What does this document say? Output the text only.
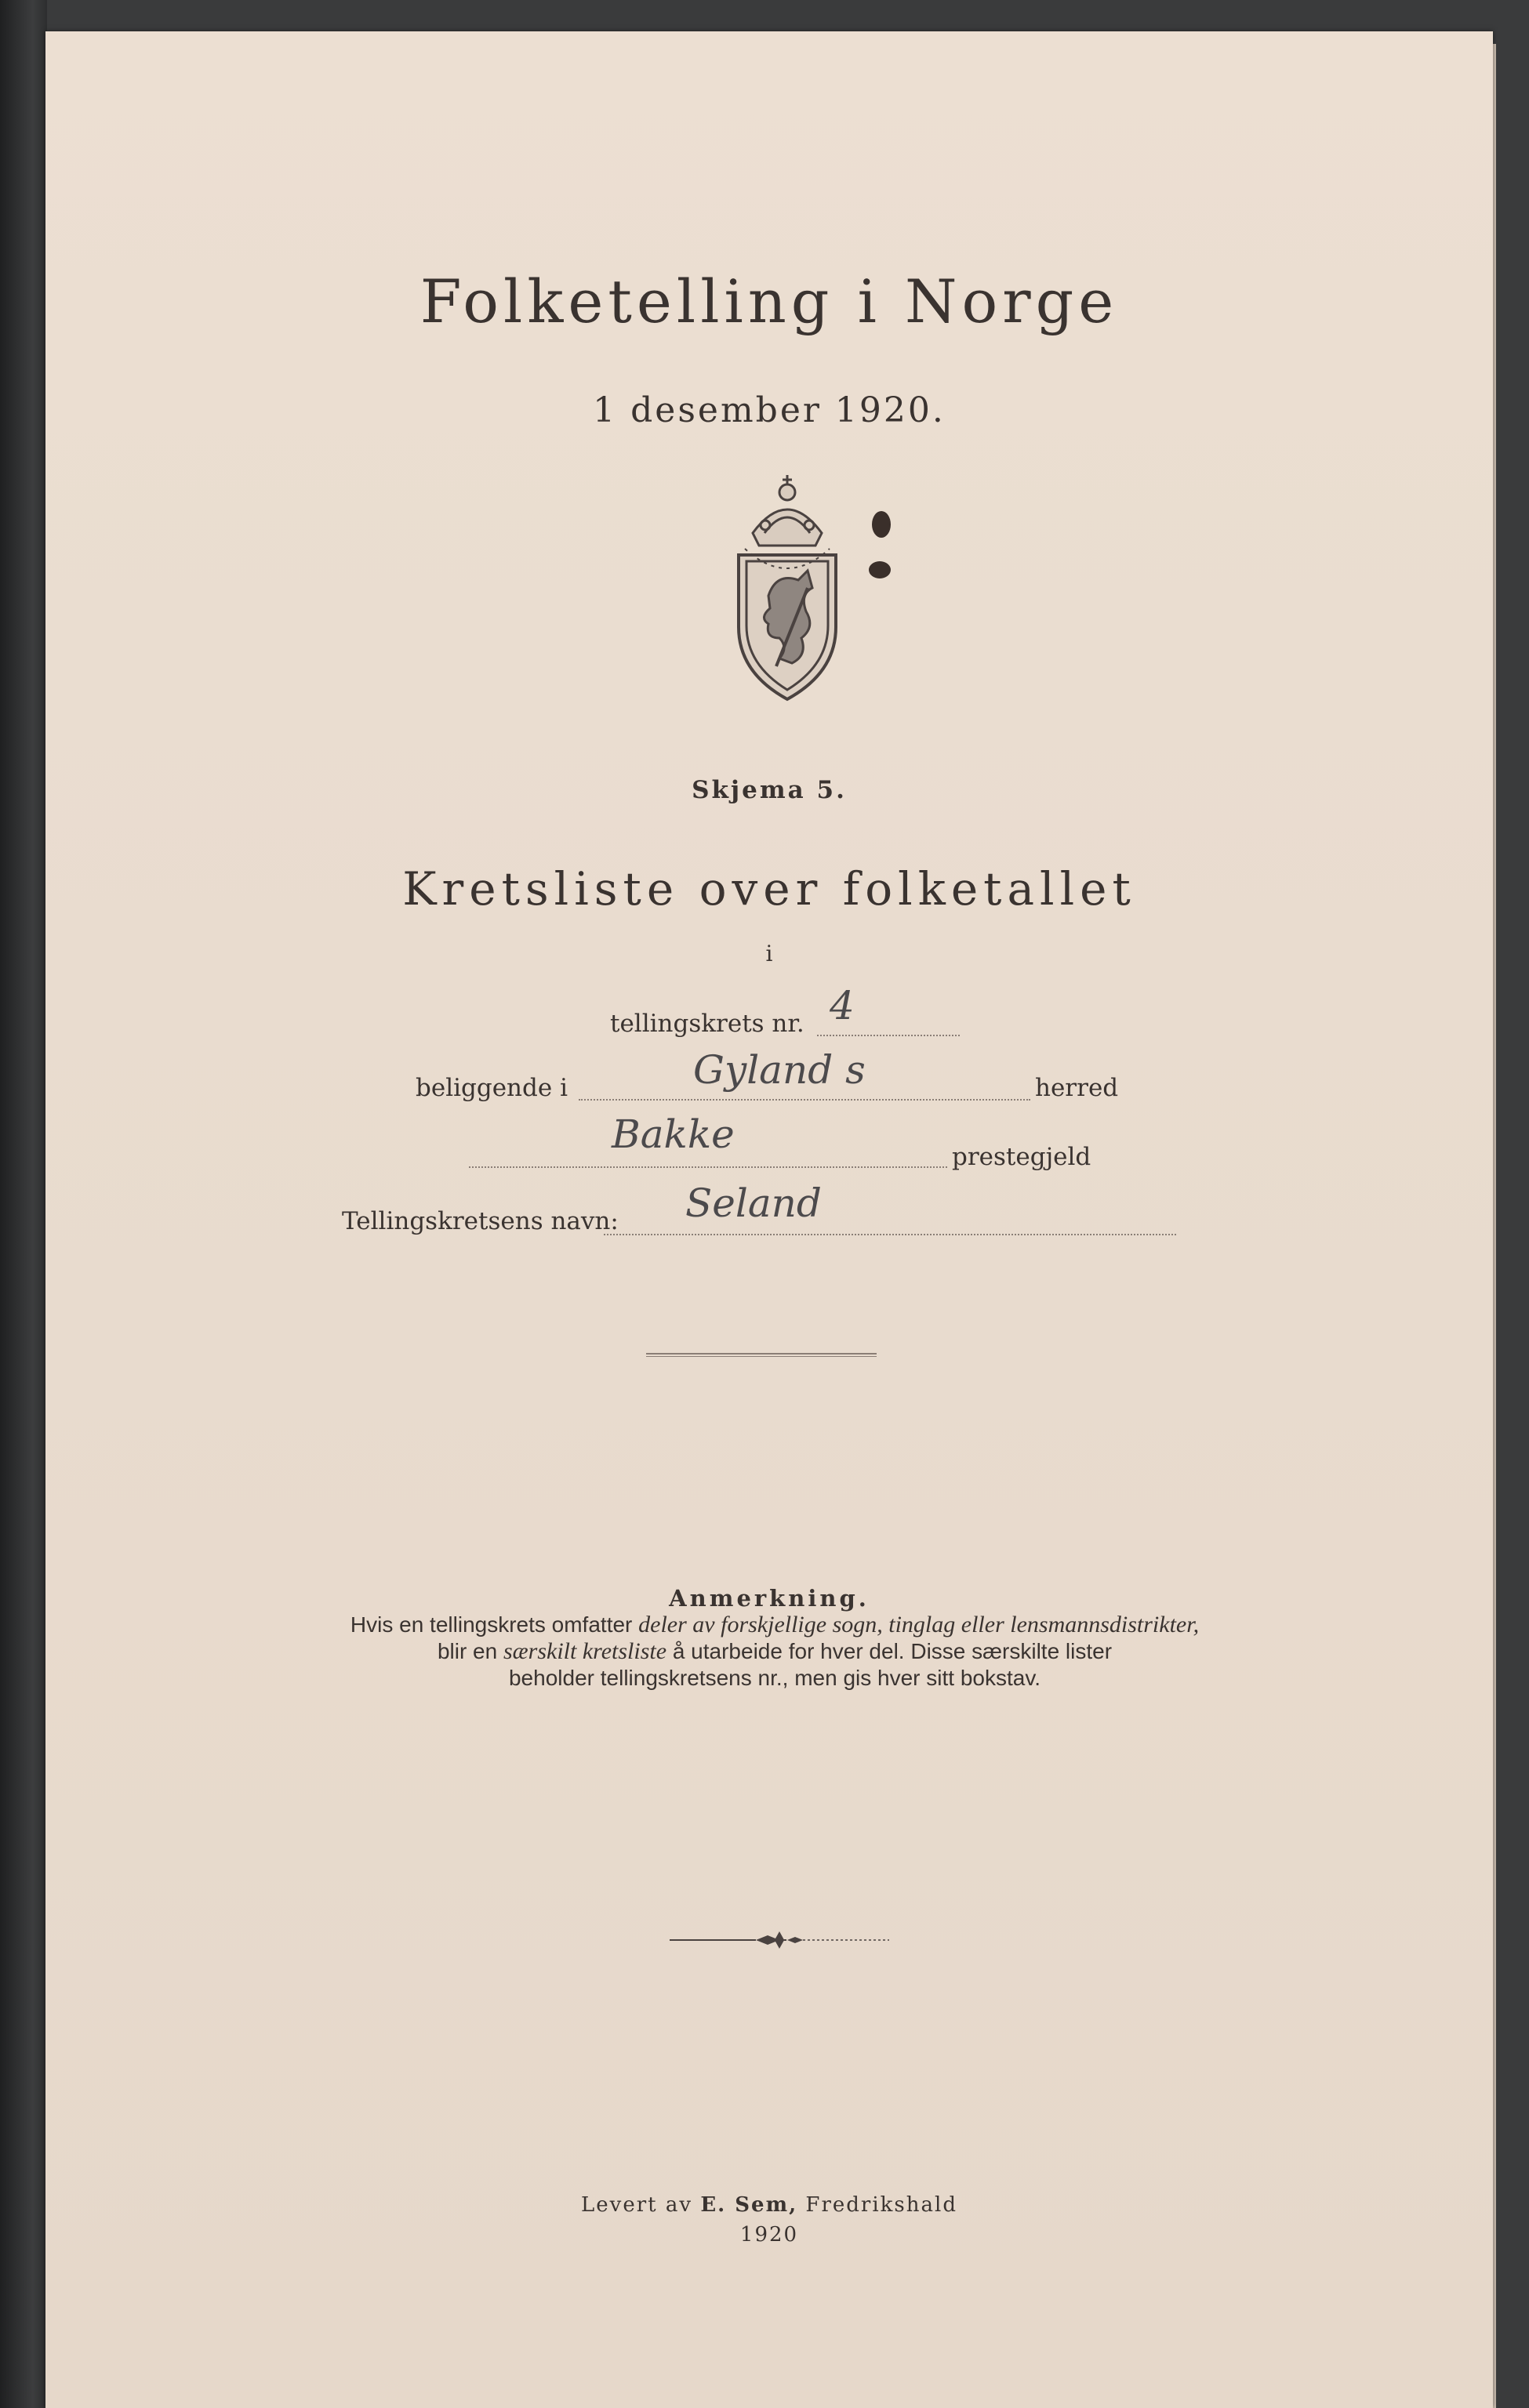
Folketelling i Norge
1 desember 1920.
Skjema 5.
Kretsliste over folketallet
i
tellingskrets nr. 4
beliggende i	Gyland s	herred
Bakke	prestegjeld
Tellingskretsens navn: Seland
Anmerkning.
Hvis en tellingskrets omfatter deler av forskjellige sogn, tinglag eller lensmannsdistrikter,
blir en særskilt kretsliste å utarbeide for hver del. Disse særskilte lister
beholder tellingskretsens nr., men gis hver sitt bokstav.
Levert av E. Sem, Fredrikshald
1920
